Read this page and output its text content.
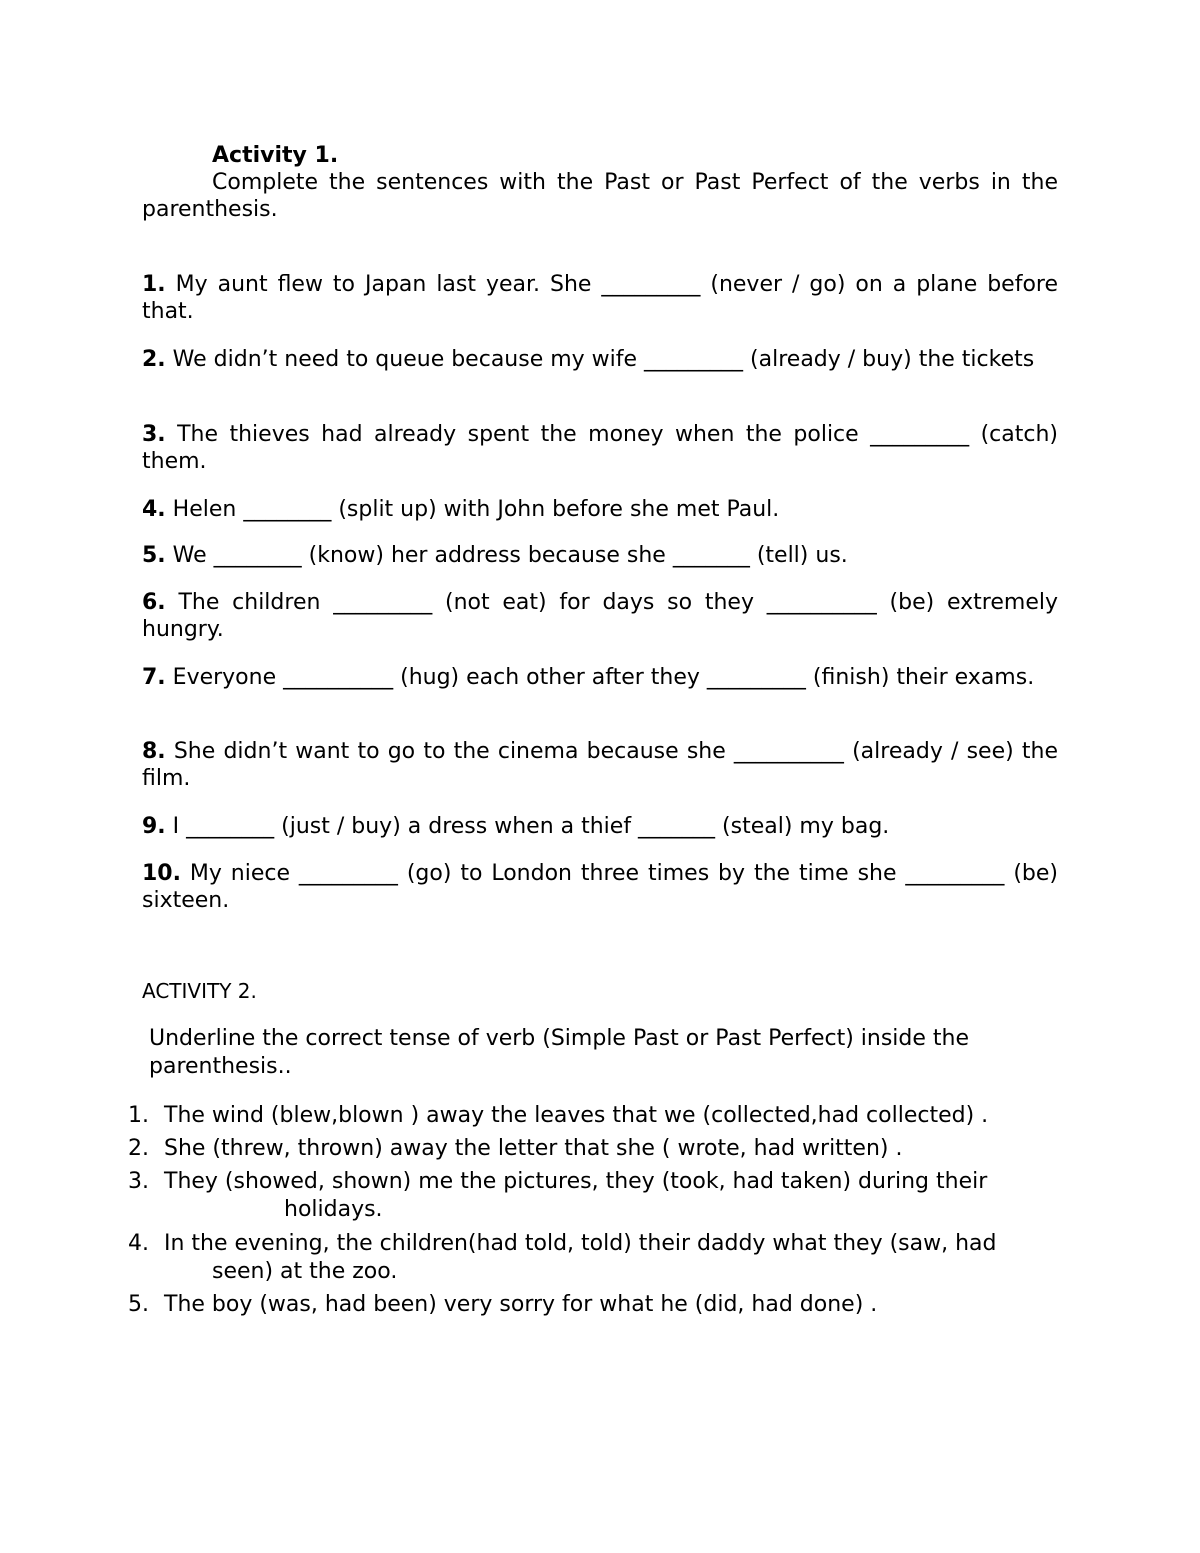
Activity 1.

Complete the sentences with the Past or Past Perfect of the verbs in the parenthesis.

1. My aunt flew to Japan last year. She _________ (never / go) on a plane before that.

2. We didn’t need to queue because my wife _________ (already / buy) the tickets

3. The thieves had already spent the money when the police _________ (catch) them.

4. Helen ________ (split up) with John before she met Paul.

5. We ________ (know) her address because she _______ (tell) us.

6. The children _________ (not eat) for days so they __________ (be) extremely hungry.

7. Everyone __________ (hug) each other after they _________ (finish) their exams.

8. She didn’t want to go to the cinema because she __________ (already / see) the film.

9. I ________ (just / buy) a dress when a thief _______ (steal) my bag.

10. My niece _________ (go) to London three times by the time she _________ (be) sixteen.

ACTIVITY 2.

Underline the correct tense of verb (Simple Past or Past Perfect) inside the parenthesis..

1. The wind (blew,blown ) away the leaves that we (collected,had collected) .
2. She (threw, thrown) away the letter that she ( wrote, had written) .
3. They (showed, shown) me the pictures, they (took, had taken) during their
holidays.
4. In the evening, the children(had told, told) their daddy what they (saw, had
seen) at the zoo.
5. The boy (was, had been) very sorry for what he (did, had done) .
